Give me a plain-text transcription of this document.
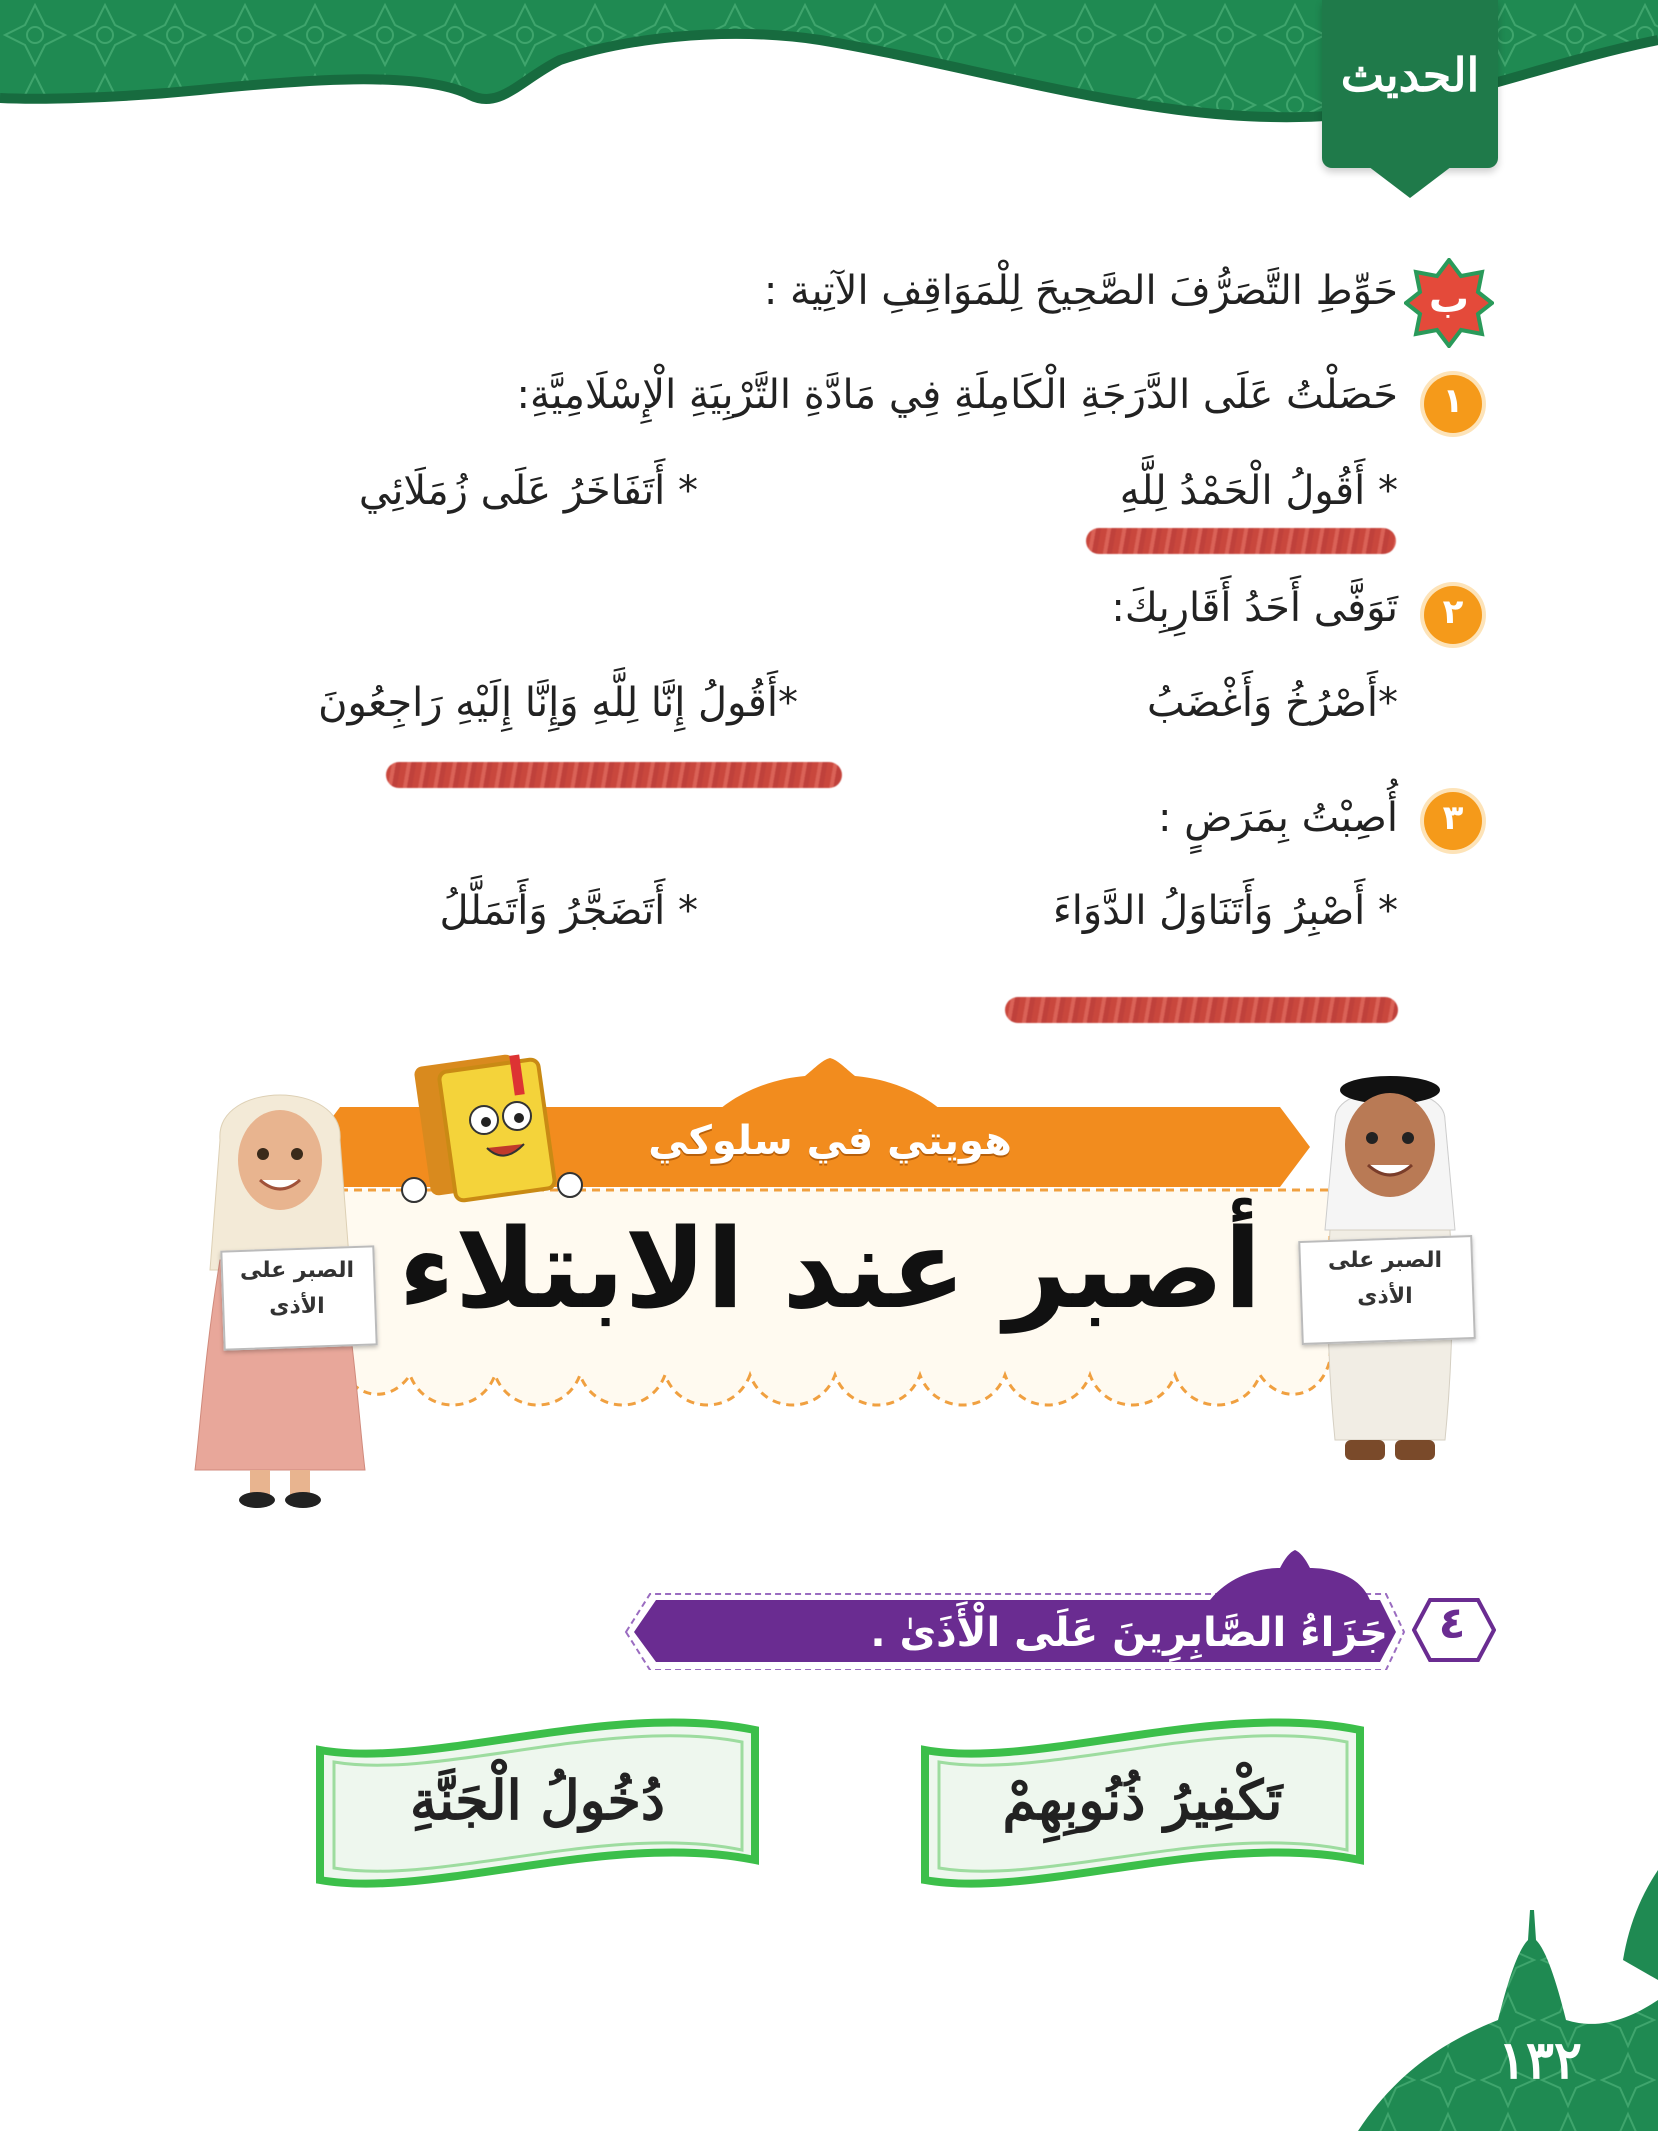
الحديث
ب
حَوِّطِ التَّصَرُّفَ الصَّحِيحَ لِلْمَوَاقِفِ الآتِية :
١
حَصَلْتُ عَلَى الدَّرَجَةِ الْكَامِلَةِ فِي مَادَّةِ التَّرْبِيَةِ الْإِسْلَامِيَّةِ:
* أَقُولُ الْحَمْدُ لِلَّهِ
* أَتَفَاخَرُ عَلَى زُمَلَائِي
٢
تَوَفَّى أَحَدُ أَقَارِبِكَ:
*أَصْرُخُ وَأَغْضَبُ
*أَقُولُ إِنَّا لِلَّهِ وَإِنَّا إِلَيْهِ رَاجِعُونَ
٣
أُصِبْتُ بِمَرَضٍ :
* أَصْبِرُ وَأَتَنَاوَلُ الدَّوَاءَ
* أَتَضَجَّرُ وَأَتَمَلَّلُ
هويتي في سلوكي
أصبر عند الابتلاء	الصبر على
الأذى
الصبر على
الأذى
٤
جَزَاءُ الصَّابِرِينَ عَلَى الْأَذَىٰ .
تَكْفِيرُ ذُنُوبِهِمْ
دُخُولُ الْجَنَّةِ
١٣٢
